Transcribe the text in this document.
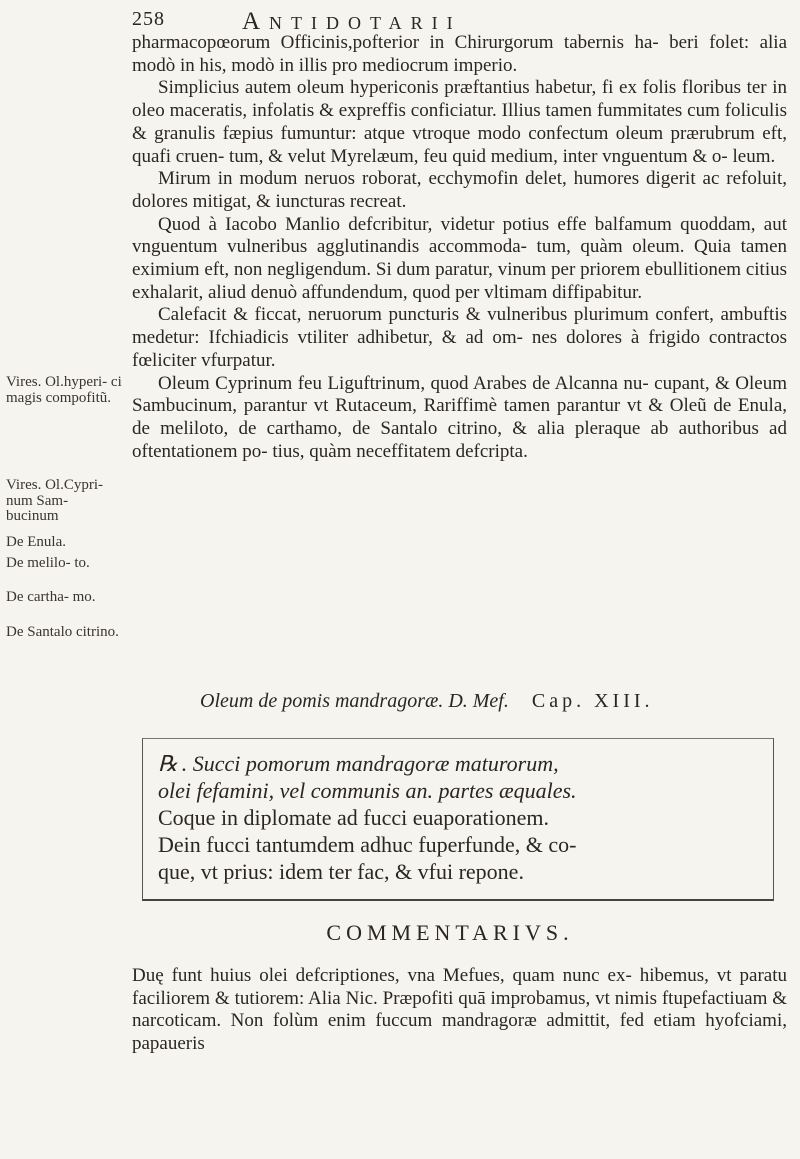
258	Antidotarii

pharmacopœorum Officinis,pofterior in Chirurgorum tabernis ha- beri folet: alia modò in his, modò in illis pro mediocrum imperio.

Simplicius autem oleum hypericonis præftantius habetur, fi ex folis floribus ter in oleo maceratis, infolatis & expreffis conficiatur. Illius tamen fummitates cum foliculis & granulis fæpius fumuntur: atque vtroque modo confectum oleum prærubrum eft, quafi cruen- tum, & velut Myrelæum, feu quid medium, inter vnguentum & o- leum.

Mirum in modum neruos roborat, ecchymofin delet, humores digerit ac refoluit, dolores mitigat, & iuncturas recreat.

Quod à Iacobo Manlio defcribitur, videtur potius effe balfamum quoddam, aut vnguentum vulneribus agglutinandis accommoda- tum, quàm oleum. Quia tamen eximium eft, non negligendum. Si dum paratur, vinum per priorem ebullitionem citius exhalarit, aliud denuò affundendum, quod per vltimam diffipabitur.

Calefacit & ficcat, neruorum puncturis & vulneribus plurimum confert, ambuftis medetur: Ifchiadicis vtiliter adhibetur, & ad om- nes dolores à frigido contractos fœliciter vfurpatur.

Oleum Cyprinum feu Liguftrinum, quod Arabes de Alcanna nu- cupant, & Oleum Sambucinum, parantur vt Rutaceum, Rariffimè tamen parantur vt & Oleũ de Enula, de meliloto, de carthamo, de Santalo citrino, & alia pleraque ab authoribus ad oftentationem po- tius, quàm neceffitatem defcripta.

Vires. Ol.hyperi- ci magis compofitũ.
Vires. Ol.Cypri- num Sam- bucinum
De Enula.
De melilo- to.
De cartha- mo.
De Santalo citrino.
Oleum de pomis mandragoræ. D. Mef. Cap. XIII.
℞ . Succi pomorum mandragoræ maturorum,
olei fefamini, vel communis an. partes æquales.
Coque in diplomate ad fucci euaporationem.
Dein fucci tantumdem adhuc fuperfunde, & co-
que, vt prius: idem ter fac, & vfui repone.
COMMENTARIVS.

Duę funt huius olei defcriptiones, vna Mefues, quam nunc ex- hibemus, vt paratu faciliorem & tutiorem: Alia Nic. Præpofiti quā improbamus, vt nimis ftupefactiuam & narcoticam. Non folùm enim fuccum mandragoræ admittit, fed etiam hyofciami, papaueris
